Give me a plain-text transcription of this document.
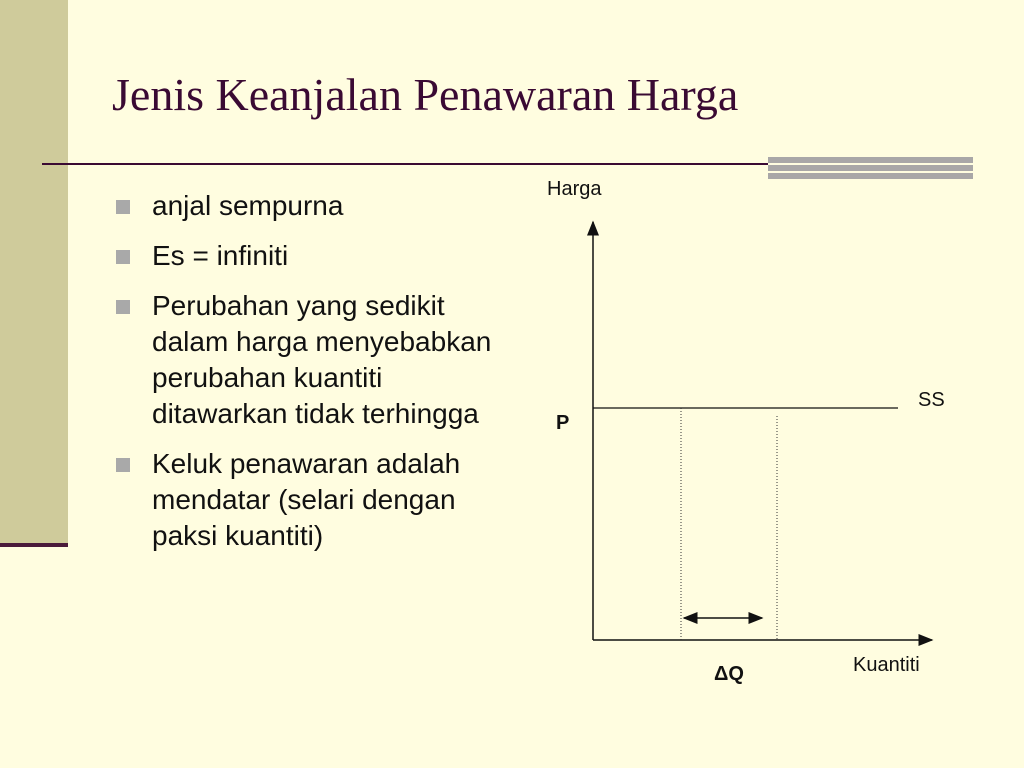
Jenis Keanjalan Penawaran Harga
anjal sempurna
Es = infiniti
Perubahan yang sedikit dalam harga menyebabkan perubahan kuantiti ditawarkan tidak terhingga
Keluk penawaran adalah mendatar (selari dengan paksi kuantiti)
Harga
Kuantiti
P
SS
ΔQ
